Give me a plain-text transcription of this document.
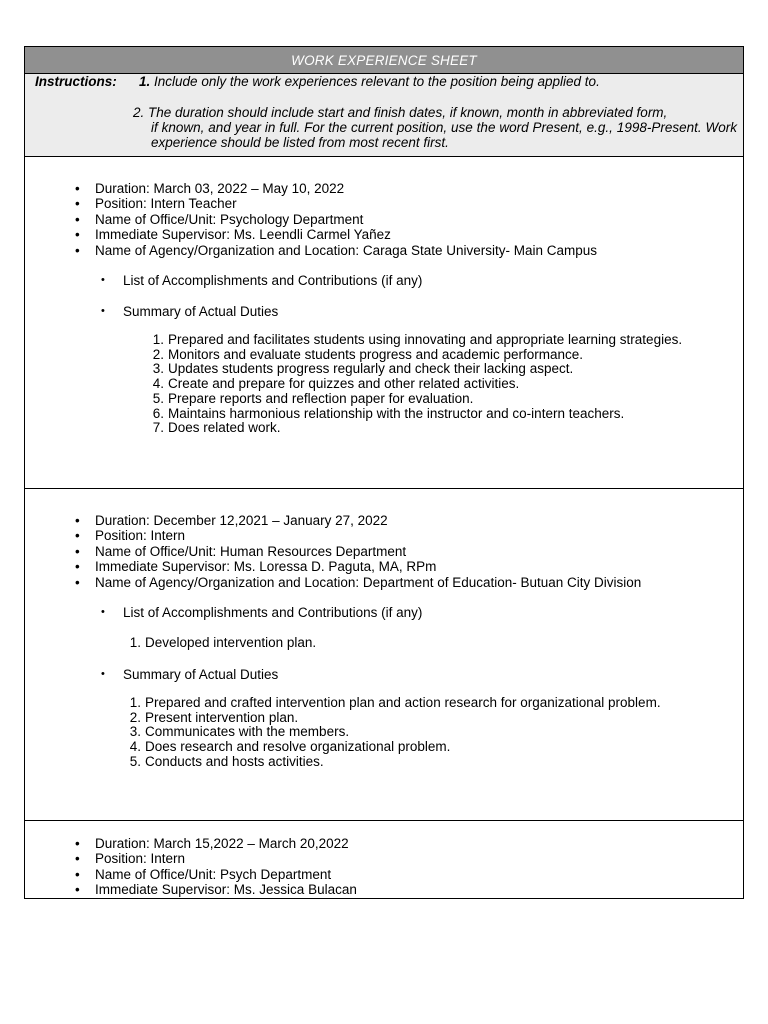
WORK EXPERIENCE SHEET
Instructions: 1. Include only the work experiences relevant to the position being applied to.
2. The duration should include start and finish dates, if known, month in abbreviated form,
if known, and year in full. For the current position, use the word Present, e.g., 1998-Present. Work experience should be listed from most recent first.
• Duration: March 03, 2022 – May 10, 2022
• Position: Intern Teacher
• Name of Office/Unit: Psychology Department
• Immediate Supervisor: Ms. Leendli Carmel Yañez
• Name of Agency/Organization and Location: Caraga State University- Main Campus
• List of Accomplishments and Contributions (if any)
• Summary of Actual Duties
1. Prepared and facilitates students using innovating and appropriate learning strategies.
2. Monitors and evaluate students progress and academic performance.
3. Updates students progress regularly and check their lacking aspect.
4. Create and prepare for quizzes and other related activities.
5. Prepare reports and reflection paper for evaluation.
6. Maintains harmonious relationship with the instructor and co-intern teachers.
7. Does related work.
• Duration: December 12,2021 – January 27, 2022
• Position: Intern
• Name of Office/Unit: Human Resources Department
• Immediate Supervisor: Ms. Loressa D. Paguta, MA, RPm
• Name of Agency/Organization and Location: Department of Education- Butuan City Division
• List of Accomplishments and Contributions (if any)
1. Developed intervention plan.
• Summary of Actual Duties
1. Prepared and crafted intervention plan and action research for organizational problem.
2. Present intervention plan.
3. Communicates with the members.
4. Does research and resolve organizational problem.
5. Conducts and hosts activities.
• Duration: March 15,2022 – March 20,2022
• Position: Intern
• Name of Office/Unit: Psych Department
• Immediate Supervisor: Ms. Jessica Bulacan
